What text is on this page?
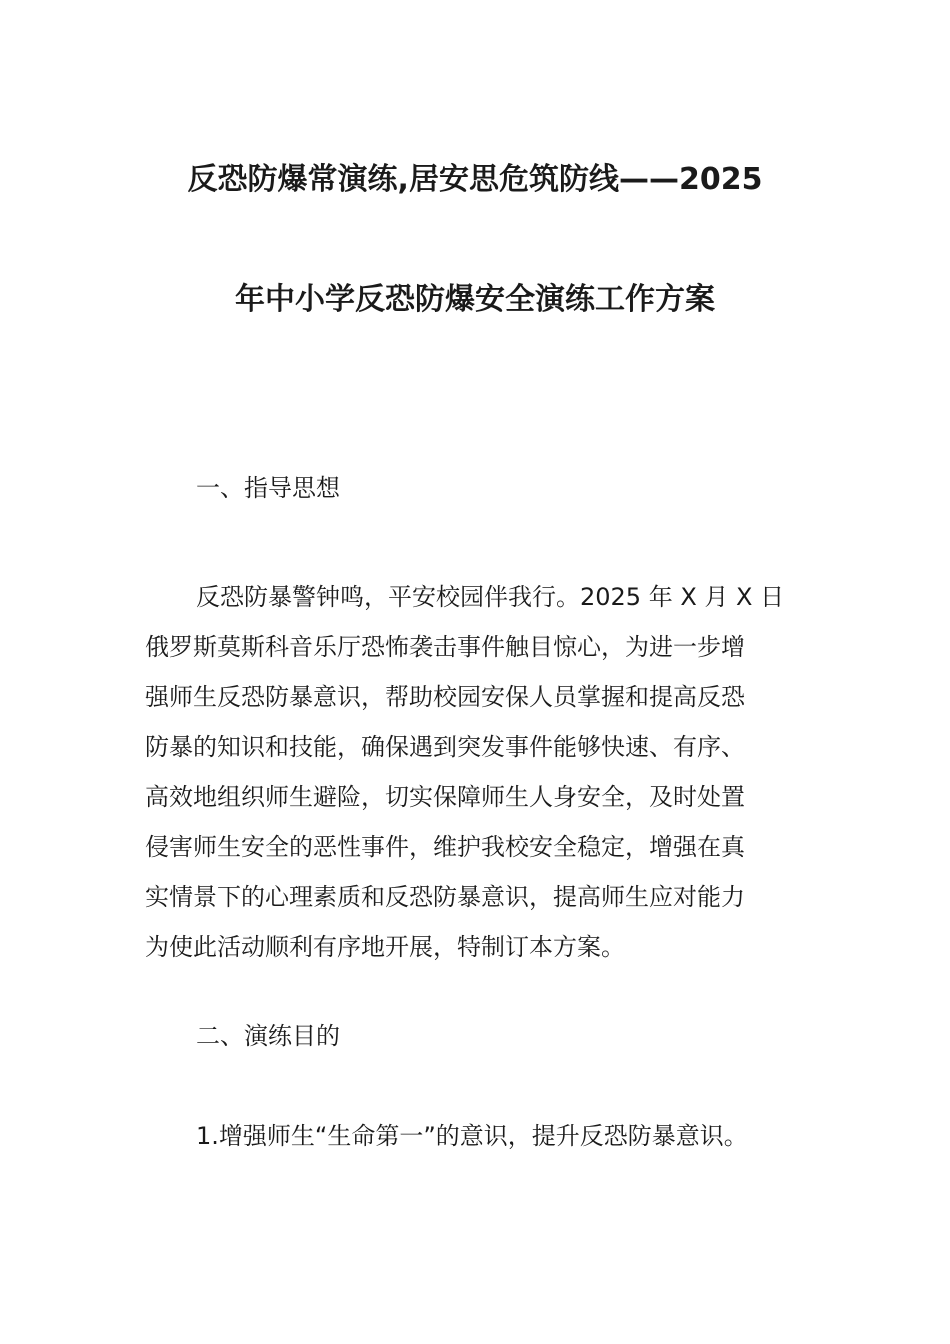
反恐防爆常演练,居安思危筑防线——2025
年中小学反恐防爆安全演练工作方案
一、指导思想
反恐防暴警钟鸣，平安校园伴我行。2025 年 X 月 X 日
俄罗斯莫斯科音乐厅恐怖袭击事件触目惊心，为进一步增
强师生反恐防暴意识，帮助校园安保人员掌握和提高反恐
防暴的知识和技能，确保遇到突发事件能够快速、有序、
高效地组织师生避险，切实保障师生人身安全，及时处置
侵害师生安全的恶性事件，维护我校安全稳定，增强在真
实情景下的心理素质和反恐防暴意识，提高师生应对能力
为使此活动顺利有序地开展，特制订本方案。
二、演练目的
1.增强师生“生命第一”的意识，提升反恐防暴意识。
